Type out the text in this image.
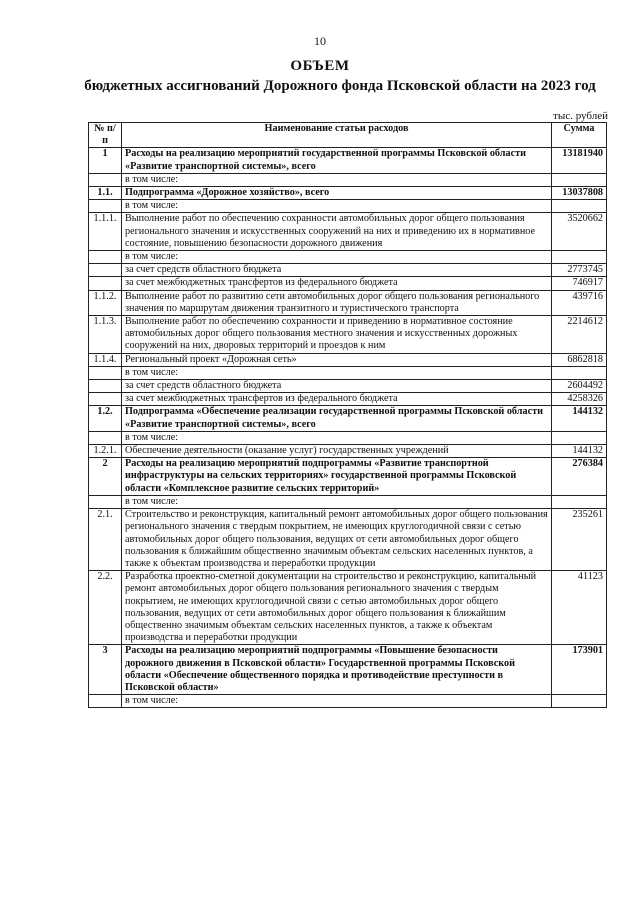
10
ОБЪЕМ
бюджетных ассигнований Дорожного фонда Псковской области на 2023 год
тыс. рублей
№ п/п	Наименование статьи расходов	Сумма
1	Расходы на реализацию мероприятий государственной программы Псковской области «Развитие транспортной системы», всего	13181940
	в том числе:	
1.1.	Подпрограмма «Дорожное хозяйство», всего	13037808
	в том числе:	
1.1.1.	Выполнение работ по обеспечению сохранности автомобильных дорог общего пользования регионального значения и искусственных сооружений на них и приведению их в нормативное состояние, повышению безопасности дорожного движения	3520662
	в том числе:	
	за счет средств областного бюджета	2773745
	за счет межбюджетных трансфертов из федерального бюджета	746917
1.1.2.	Выполнение работ по развитию сети автомобильных дорог общего пользования регионального значения по маршрутам движения транзитного и туристического транспорта	439716
1.1.3.	Выполнение работ по обеспечению сохранности и приведению в нормативное состояние автомобильных дорог общего пользования местного значения и искусственных дорожных сооружений на них, дворовых территорий и проездов к ним	2214612
1.1.4.	Региональный проект «Дорожная сеть»	6862818
	в том числе:	
	за счет средств областного бюджета	2604492
	за счет межбюджетных трансфертов из федерального бюджета	4258326
1.2.	Подпрограмма «Обеспечение реализации государственной программы Псковской области «Развитие транспортной системы», всего	144132
	в том числе:	
1.2.1.	Обеспечение деятельности (оказание услуг) государственных учреждений	144132
2	Расходы на реализацию мероприятий подпрограммы «Развитие транспортной инфраструктуры на сельских территориях» государственной программы Псковской области «Комплексное развитие сельских территорий»	276384
	в том числе:	
2.1.	Строительство и реконструкция, капитальный ремонт автомобильных дорог общего пользования регионального значения с твердым покрытием, не имеющих круглогодичной связи с сетью автомобильных дорог общего пользования, ведущих от сети автомобильных дорог общего пользования к ближайшим общественно значимым объектам сельских населенных пунктов, а также к объектам производства и переработки продукции	235261
2.2.	Разработка проектно-сметной документации на строительство и реконструкцию, капитальный ремонт автомобильных дорог общего пользования регионального значения с твердым покрытием, не имеющих круглогодичной связи с сетью автомобильных дорог общего пользования, ведущих от сети автомобильных дорог общего пользования к ближайшим общественно значимым объектам сельских населенных пунктов, а также к объектам производства и переработки продукции	41123
3	Расходы на реализацию мероприятий подпрограммы «Повышение безопасности дорожного движения в Псковской области» Государственной программы Псковской области «Обеспечение общественного порядка и противодействие преступности в Псковской области»	173901
	в том числе:	
